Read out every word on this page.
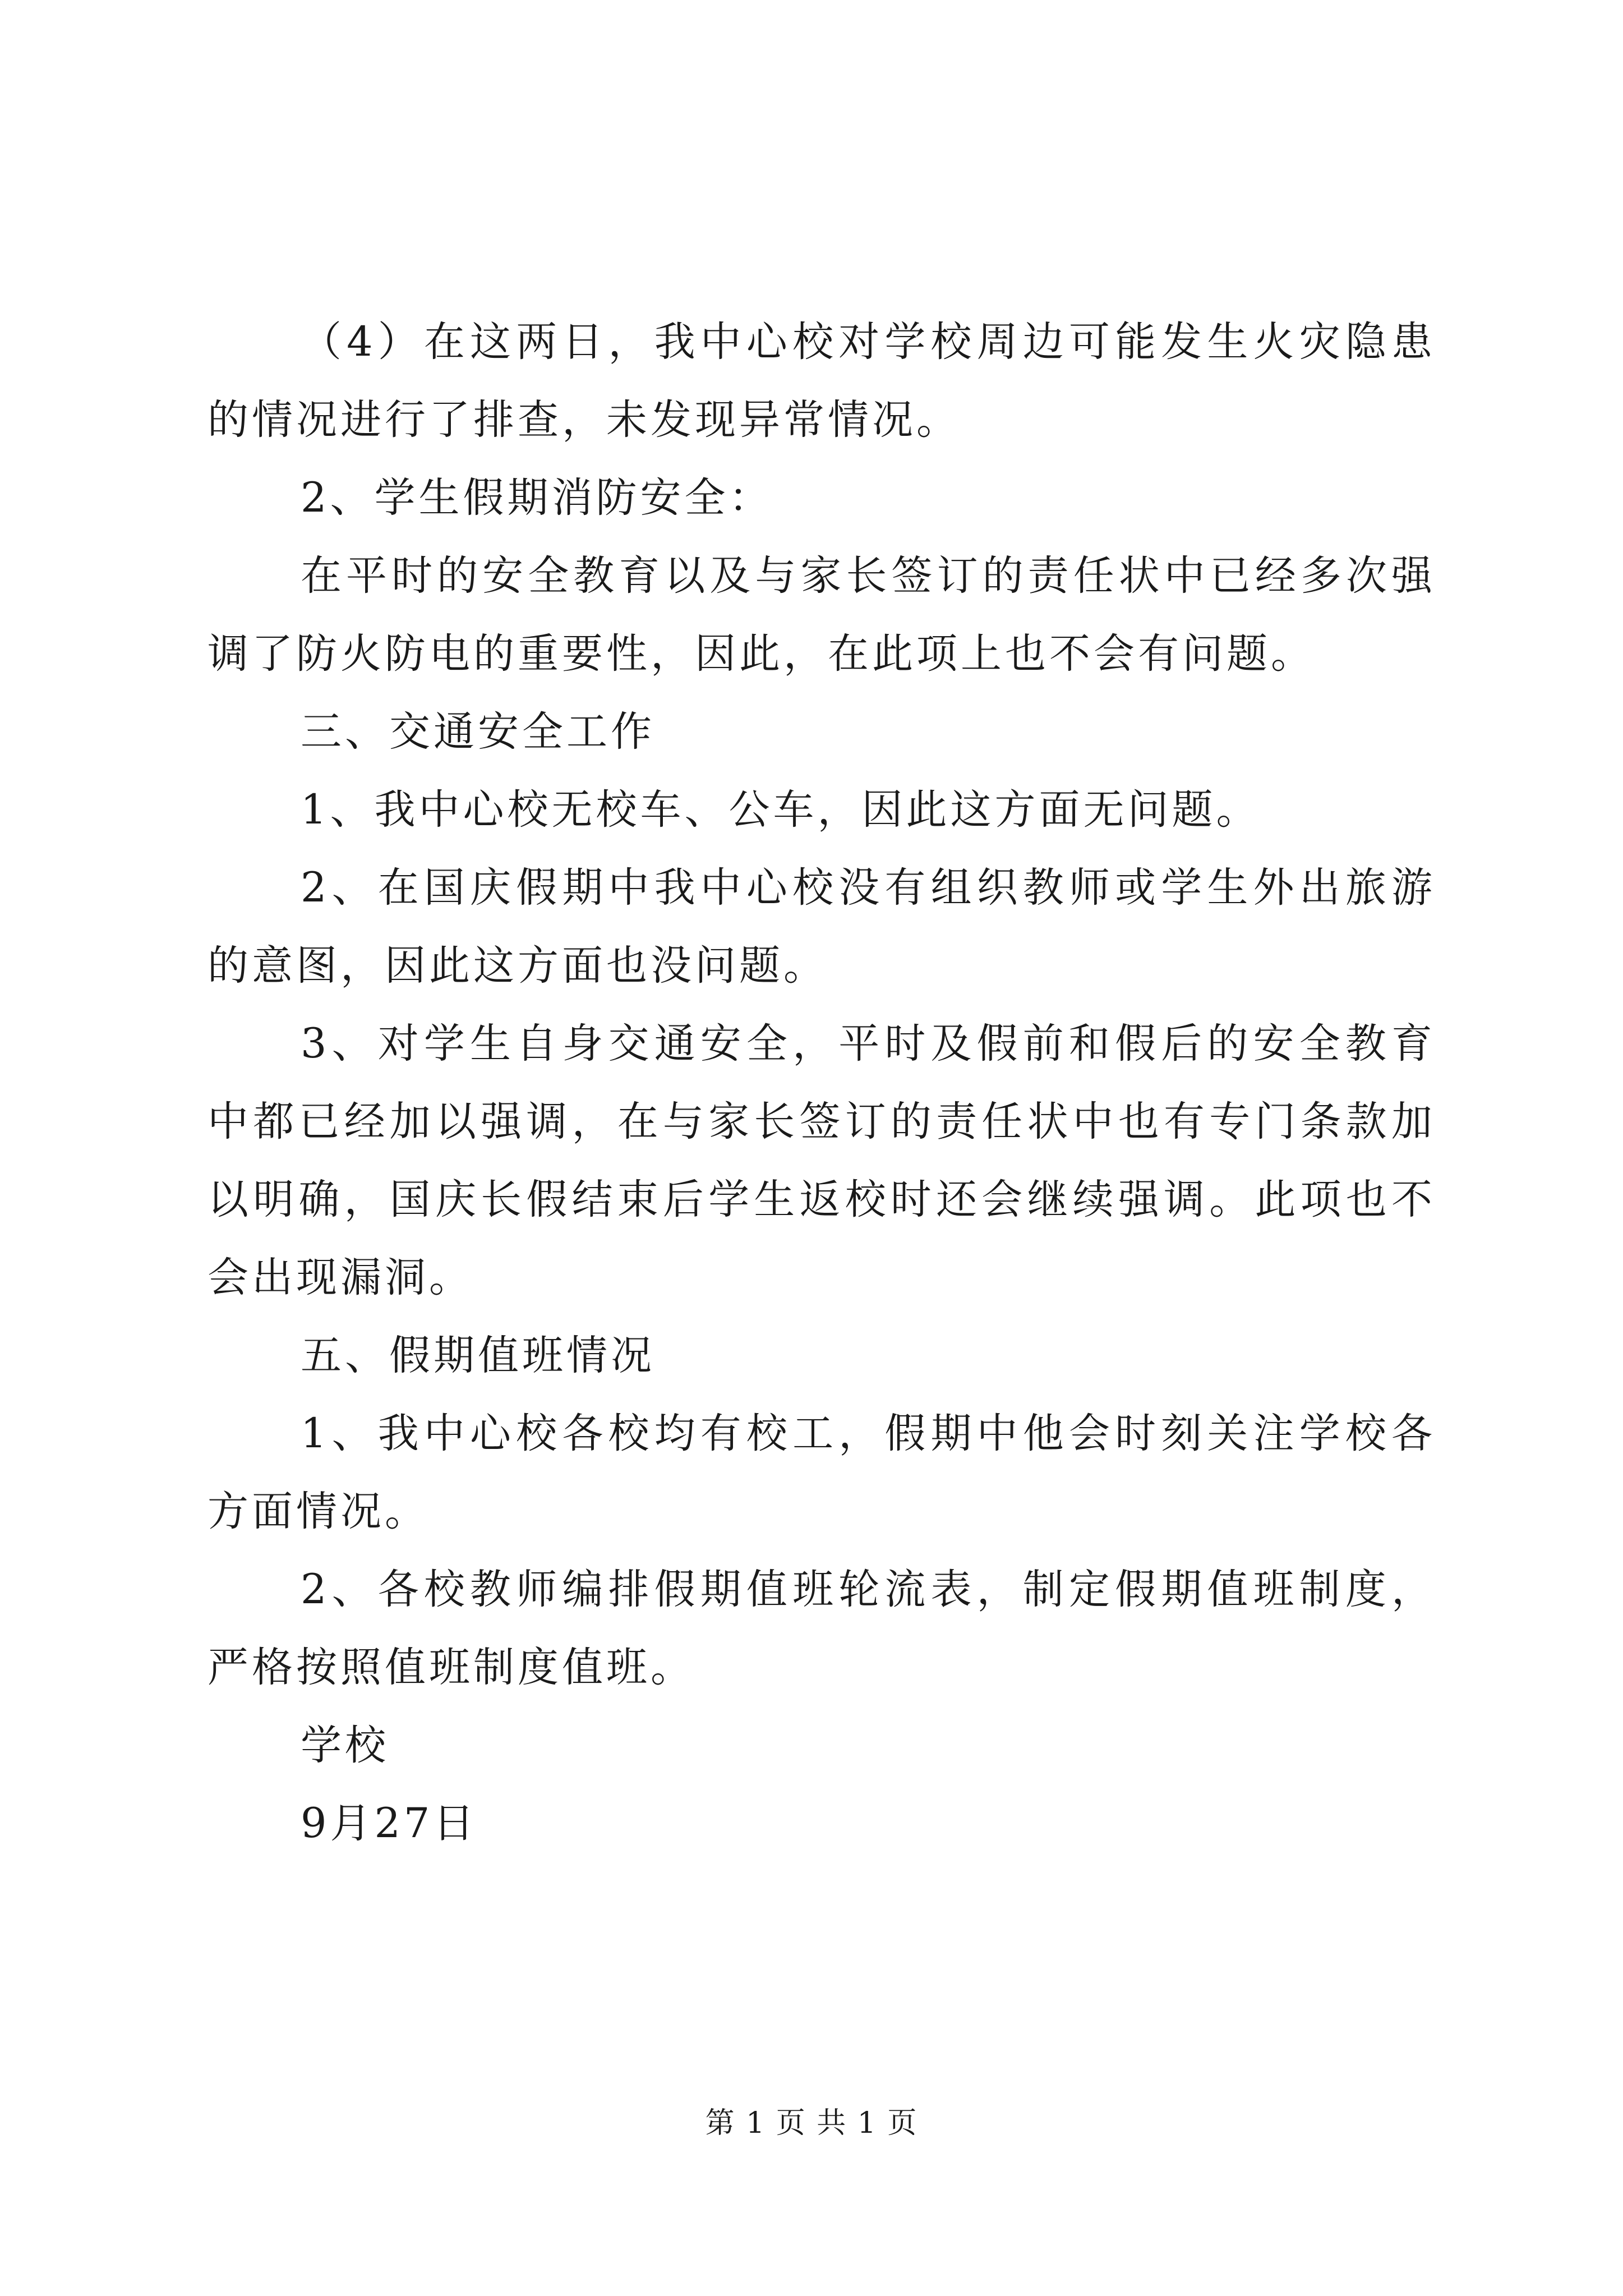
（4）在这两日，我中心校对学校周边可能发生火灾隐患的情况进行了排查，未发现异常情况。

2、学生假期消防安全：

在平时的安全教育以及与家长签订的责任状中已经多次强调了防火防电的重要性，因此，在此项上也不会有问题。

三、交通安全工作

1、我中心校无校车、公车，因此这方面无问题。

2、在国庆假期中我中心校没有组织教师或学生外出旅游的意图，因此这方面也没问题。

3、对学生自身交通安全，平时及假前和假后的安全教育中都已经加以强调，在与家长签订的责任状中也有专门条款加以明确，国庆长假结束后学生返校时还会继续强调。此项也不会出现漏洞。

五、假期值班情况

1、我中心校各校均有校工，假期中他会时刻关注学校各方面情况。

2、各校教师编排假期值班轮流表，制定假期值班制度，严格按照值班制度值班。

学校

9月27日

第 1 页 共 1 页
